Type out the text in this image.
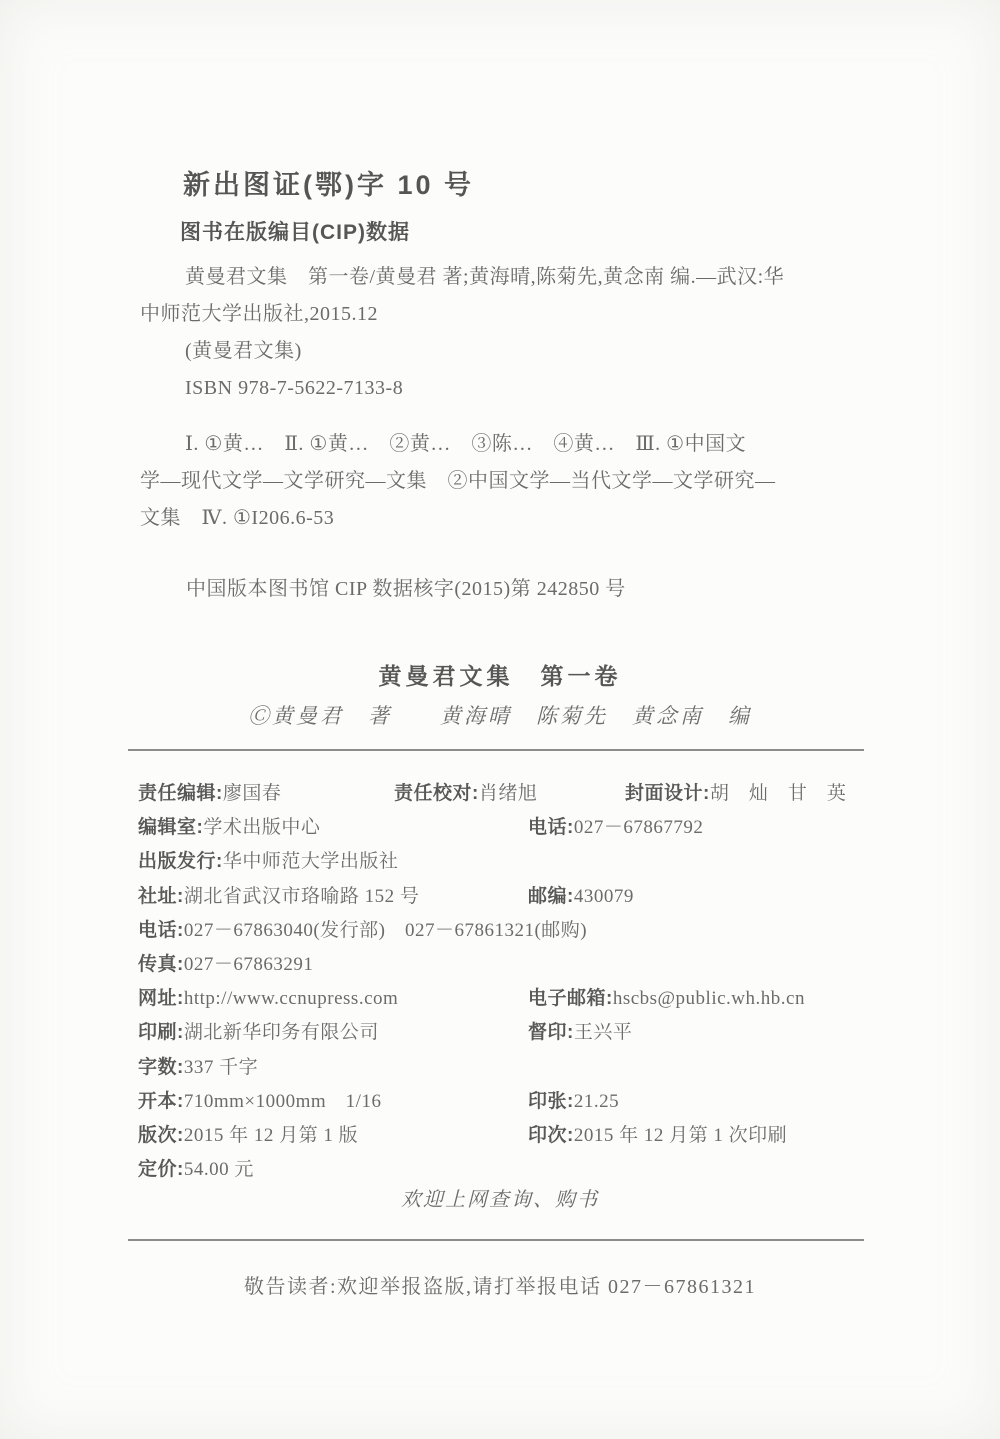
新出图证(鄂)字 10 号
图书在版编目(CIP)数据
黄曼君文集　第一卷/黄曼君 著;黄海晴,陈菊先,黄念南 编.—武汉:华
中师范大学出版社,2015.12
(黄曼君文集)
ISBN 978-7-5622-7133-8
Ⅰ. ①黄…　Ⅱ. ①黄…　②黄…　③陈…　④黄…　Ⅲ. ①中国文
学—现代文学—文学研究—文集　②中国文学—当代文学—文学研究—
文集　Ⅳ. ①I206.6-53
中国版本图书馆 CIP 数据核字(2015)第 242850 号
黄曼君文集　第一卷
Ⓒ黄曼君　著　　黄海晴　陈菊先　黄念南　编
责任编辑:廖国春	责任校对:肖绪旭	封面设计:胡　灿　甘　英
编辑室:学术出版中心	电话:027－67867792
出版发行:华中师范大学出版社
社址:湖北省武汉市珞喻路 152 号	邮编:430079
电话:027－67863040(发行部)　027－67861321(邮购)
传真:027－67863291
网址:http://www.ccnupress.com	电子邮箱:hscbs@public.wh.hb.cn
印刷:湖北新华印务有限公司	督印:王兴平
字数:337 千字
开本:710mm×1000mm　1/16	印张:21.25
版次:2015 年 12 月第 1 版	印次:2015 年 12 月第 1 次印刷
定价:54.00 元
欢迎上网查询、购书
敬告读者:欢迎举报盗版,请打举报电话 027－67861321
